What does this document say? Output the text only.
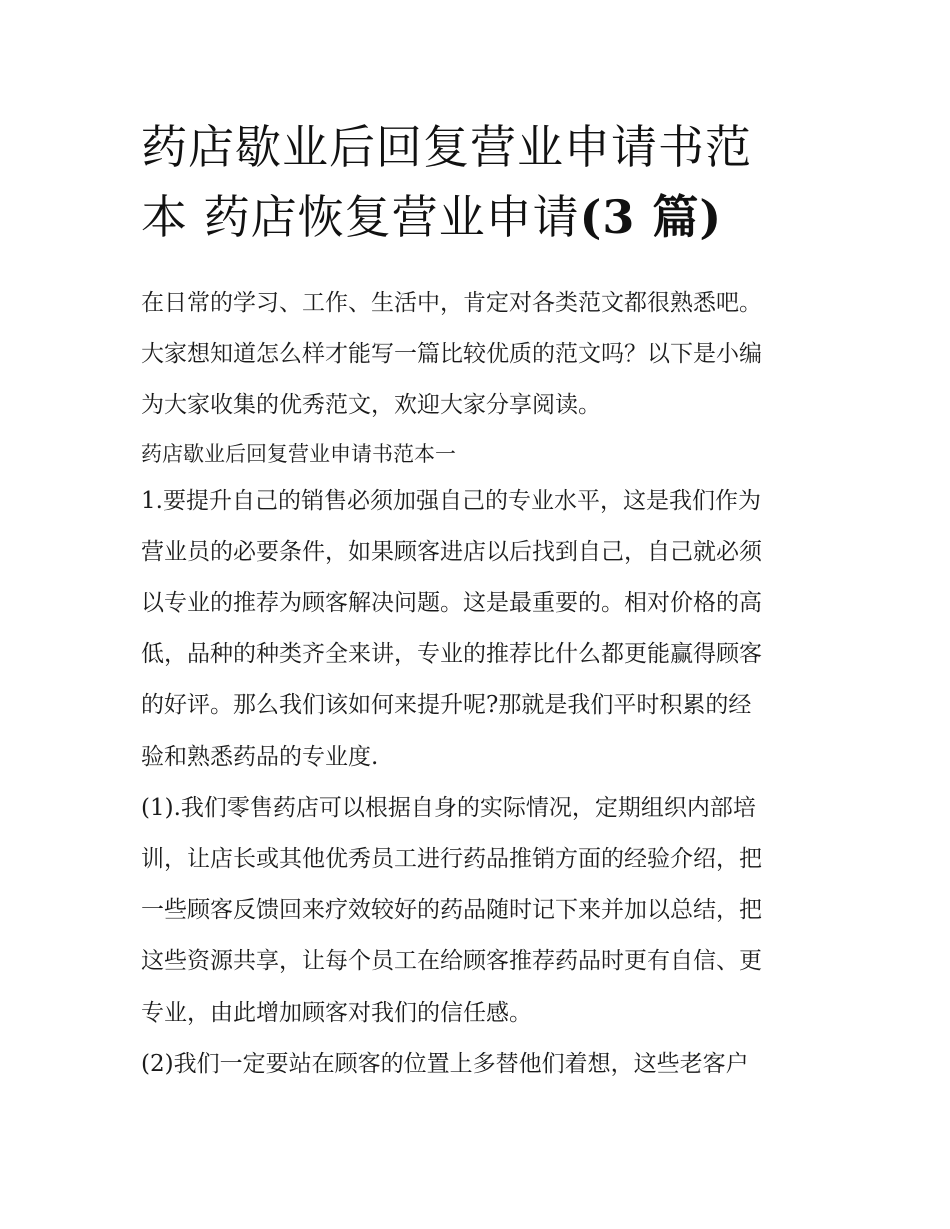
药店歇业后回复营业申请书范
本 药店恢复营业申请(3 篇)

在日常的学习、工作、生活中，肯定对各类范文都很熟悉吧。
大家想知道怎么样才能写一篇比较优质的范文吗？以下是小编
为大家收集的优秀范文，欢迎大家分享阅读。

药店歇业后回复营业申请书范本一

1.要提升自己的销售必须加强自己的专业水平，这是我们作为
营业员的必要条件，如果顾客进店以后找到自己，自己就必须
以专业的推荐为顾客解决问题。这是最重要的。相对价格的高
低，品种的种类齐全来讲，专业的推荐比什么都更能赢得顾客
的好评。那么我们该如何来提升呢?那就是我们平时积累的经
验和熟悉药品的专业度.

(1).我们零售药店可以根据自身的实际情况，定期组织内部培
训，让店长或其他优秀员工进行药品推销方面的经验介绍，把
一些顾客反馈回来疗效较好的药品随时记下来并加以总结，把
这些资源共享，让每个员工在给顾客推荐药品时更有自信、更
专业，由此增加顾客对我们的信任感。

(2)我们一定要站在顾客的位置上多替他们着想，这些老客户
